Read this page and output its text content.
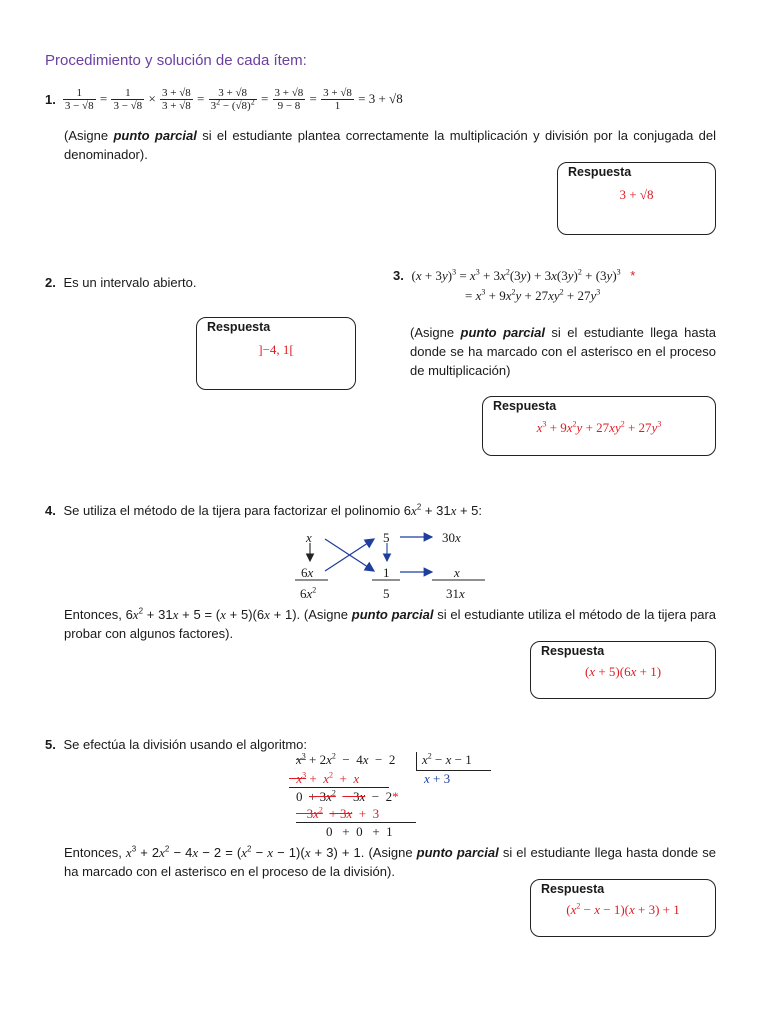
Procedimiento y solución de cada ítem:
1. $\frac{1}{3 - √8} = \frac{1}{3 - √8} \times \frac{3 + √8}{3 + √8} = \frac{3 + √8}{3^2 - (√8)^2} = \frac{3 + √8}{9 - 8} = \frac{3 + √8}{1} = 3 + √8$
(Asigne punto parcial si el estudiante plantea correctamente la multiplicación y división por la conjugada del denominador).
Respuesta
3 + √8
2. Es un intervalo abierto.
Respuesta
]−4, 1[
3. $(x + 3y)^3 = x^3 + 3x^2(3y) + 3x(3y)^2 + (3y)^3$ *
= $x^3 + 9x^2y + 27xy^2 + 27y^3$
(Asigne punto parcial si el estudiante llega hasta donde se ha marcado con el asterisco en el proceso de multiplicación)
Respuesta
$x^3 + 9x^2y + 27xy^2 + 27y^3$
4. Se utiliza el método de la tijera para factorizar el polinomio $6x^2 + 31x + 5$:
x
6x
$6x^2$
5
1
5
30x
x
31x
Entonces, $6x^2 + 31x + 5 = (x + 5)(6x + 1)$. (Asigne punto parcial si el estudiante utiliza el método de la tijera para probar con algunos factores).
Respuesta
(x + 5)(6x + 1)
5. Se efectúa la división usando el algoritmo:
$x^3 + 2x^2 - 4x - 2$ $x^2 - x - 1$
x + 3
$-x^3 + x^2 + x$
$0 + 3x^2 - 3x - 2*$
− $3x^2 + 3x + 3$
0   +  0   +  1
Entonces, $x^3 + 2x^2 - 4x - 2 = (x^2 - x - 1)(x + 3) + 1$. (Asigne punto parcial si el estudiante llega hasta donde se ha marcado con el asterisco en el proceso de la división).
Respuesta
$(x^2 - x - 1)(x + 3) + 1$
